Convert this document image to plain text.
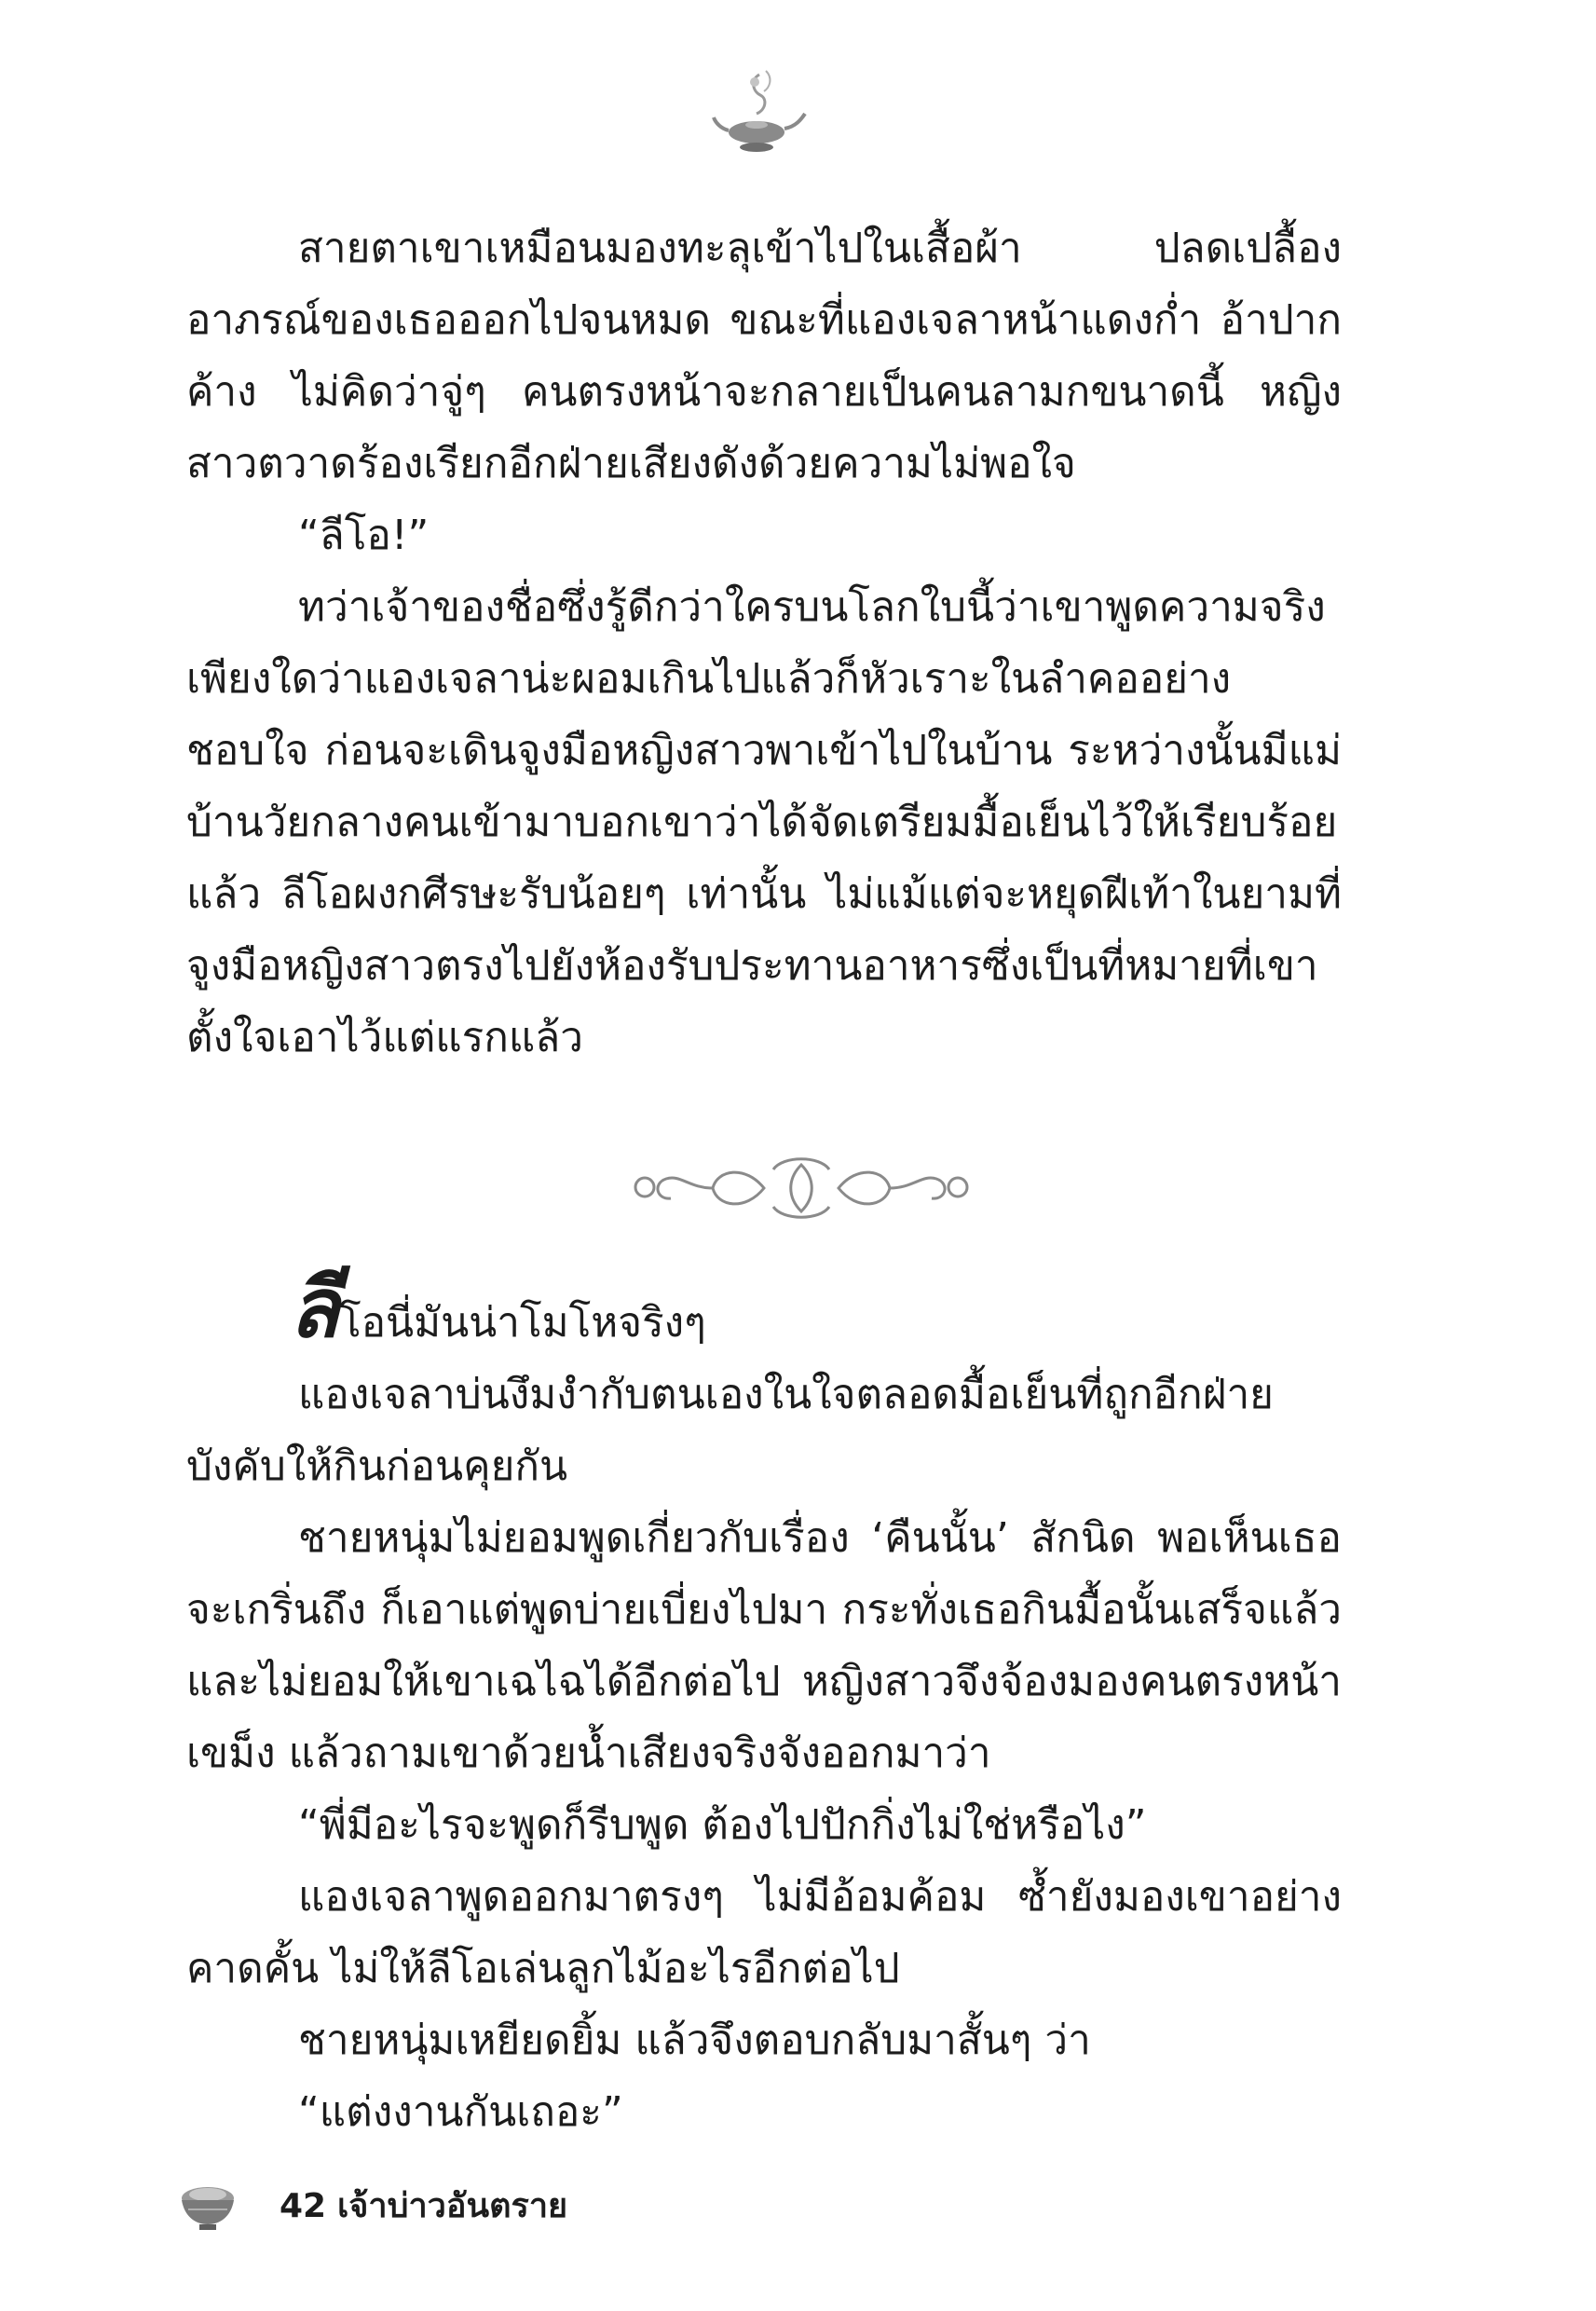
สายตาเขาเหมือนมองทะลุเข้าไปในเสื้อผ้า ปลดเปลื้องอาภรณ์ของเธอออกไปจนหมด ขณะที่แองเจลาหน้าแดงก่ำ อ้าปากค้าง ไม่คิดว่าจู่ๆ คนตรงหน้าจะกลายเป็นคนลามกขนาดนี้ หญิงสาวตวาดร้องเรียกอีกฝ่ายเสียงดังด้วยความไม่พอใจ

“ลีโอ!”

ทว่าเจ้าของชื่อซึ่งรู้ดีกว่าใครบนโลกใบนี้ว่าเขาพูดความจริงเพียงใดว่าแองเจลาน่ะผอมเกินไปแล้วก็หัวเราะในลำคออย่างชอบใจ ก่อนจะเดินจูงมือหญิงสาวพาเข้าไปในบ้าน ระหว่างนั้นมีแม่บ้านวัยกลางคนเข้ามาบอกเขาว่าได้จัดเตรียมมื้อเย็นไว้ให้เรียบร้อยแล้ว ลีโอผงกศีรษะรับน้อยๆ เท่านั้น ไม่แม้แต่จะหยุดฝีเท้าในยามที่จูงมือหญิงสาวตรงไปยังห้องรับประทานอาหารซึ่งเป็นที่หมายที่เขาตั้งใจเอาไว้แต่แรกแล้ว

ลีโอนี่มันน่าโมโหจริงๆ

แองเจลาบ่นงึมงำกับตนเองในใจตลอดมื้อเย็นที่ถูกอีกฝ่ายบังคับให้กินก่อนคุยกัน

ชายหนุ่มไม่ยอมพูดเกี่ยวกับเรื่อง ‘คืนนั้น’ สักนิด พอเห็นเธอจะเกริ่นถึง ก็เอาแต่พูดบ่ายเบี่ยงไปมา กระทั่งเธอกินมื้อนั้นเสร็จแล้ว และไม่ยอมให้เขาเฉไฉได้อีกต่อไป หญิงสาวจึงจ้องมองคนตรงหน้าเขม็ง แล้วถามเขาด้วยน้ำเสียงจริงจังออกมาว่า

“พี่มีอะไรจะพูดก็รีบพูด ต้องไปปักกิ่งไม่ใช่หรือไง”

แองเจลาพูดออกมาตรงๆ ไม่มีอ้อมค้อม ซ้ำยังมองเขาอย่างคาดคั้น ไม่ให้ลีโอเล่นลูกไม้อะไรอีกต่อไป

ชายหนุ่มเหยียดยิ้ม แล้วจึงตอบกลับมาสั้นๆ ว่า

“แต่งงานกันเถอะ”

42 เจ้าบ่าวอันตราย
